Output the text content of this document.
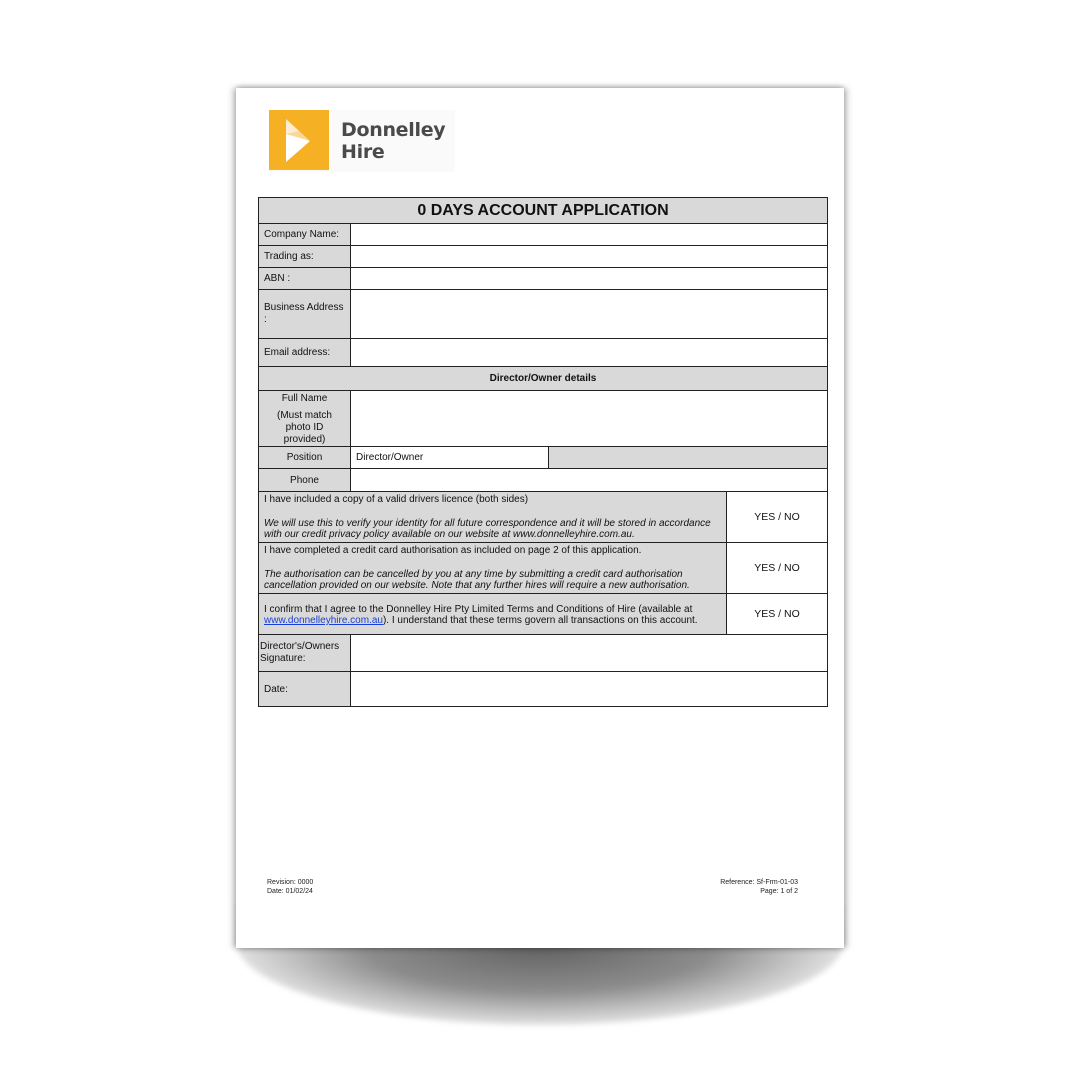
Donnelley
Hire
0 DAYS ACCOUNT APPLICATION			
Company Name:			
Trading as:			
ABN :			
Business Address :			
Email address:			
Director/Owner details			

Full Name
(Must match photo ID provided)			

Position	Director/Owner		
Phone			

I have included a copy of a valid drivers licence (both sides)

We will use this to verify your identity for all future correspondence and it will be stored in accordance with our credit privacy policy available on our website at www.donnelleyhire.com.au.			YES / NO

I have completed a credit card authorisation as included on page 2 of this application.

The authorisation can be cancelled by you at any time by submitting a credit card authorisation cancellation provided on our website. Note that any further hires will require a new authorisation.			YES / NO

I confirm that I agree to the Donnelley Hire Pty Limited Terms and Conditions of Hire (available at www.donnelleyhire.com.au). I understand that these terms govern all transactions on this account.			YES / NO
Director's/Owners Signature:			
Date:			
Revision: 0000
Date: 01/02/24
Reference: Sf-Frm-01-03
Page: 1 of 2
